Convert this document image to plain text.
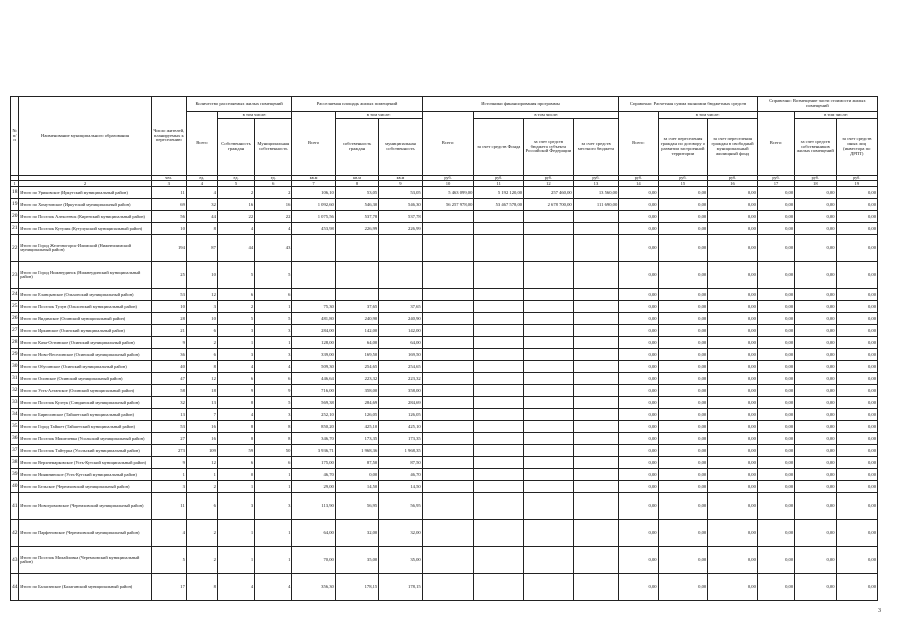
№ п/п	Наименование муниципального образования	Число жителей, планируемых к переселению	Количество расселяемых жилых помещений			Расселяемая площадь жилых помещений			Источники финансирования программы				Справочно: Расчетная сумма экономии бюджетных средств			Справочно: Возмещение части стоимости жилых помещений		
			Всего	в том числе:		Всего	в том числе:		Всего:	в том числе:			Всего:	в том числе:		Всего:	в том числе:	
				Собственность граждан	Муниципальная собственность		собственность граждан	муниципальная собственность		за счет средств Фонда	за счет средств бюджета субъекта Российской Федерации	за счет средств местного бюджета		за счет переселения граждан по договору о развитии застроенной территории	за счет переселения граждан в свободный муниципальный жилищный фонд		за счет средств собственников жилых помещений	за счет средств иных лиц (инвестора по ДРПТ)
		чел.	ед.	ед.	ед.	кв.м	кв.м	кв.м	руб.	руб.	руб.	руб.	руб.	руб.	руб.	руб.	руб.	руб.
1	2	3	4	5	6	7	8	9	10	11	12	13	14	15	16	17	18	19
18	Итого по Уриковское (Иркутский муниципальный район)	11	4	2	2	106,10	53,05	53,05	5 463 099,00	5 192 120,00	257 460,00	13 560,00	0,00	0,00	0,00	0,00	0,00	0,00
19	Итого по Хомутовское (Иркутский муниципальный район)	69	32	16	16	1 092,60	546,30	546,30	56 257 978,00	53 467 578,00	2 678 700,00	111 690,00	0,00	0,00	0,00	0,00	0,00	0,00
20	Итого по Поселок Алексеевск (Киренский муниципальный район)	56	44	22	22	1 075,56	537,78	537,78					0,00	0,00	0,00	0,00	0,00	0,00
21	Итого по Поселок Кутулик (Кутулукский муниципальный район)	10	8	4	4	453,98	226,99	226,99					0,00	0,00	0,00	0,00	0,00	0,00
22	Итого по Город Железногорск-Илимский (Нижнеилимский муниципальный район)	194	87	44	43								0,00	0,00	0,00	0,00	0,00	0,00
23	Итого по Город Нижнеудинск (Нижнеудинский муниципальный район)	25	10	5	5								0,00	0,00	0,00	0,00	0,00	0,00
24	Итого по Еланцынское (Ольхонский муниципальный район)	53	12	6	6								0,00	0,00	0,00	0,00	0,00	0,00
25	Итого по Поселок Тулун (Ольхонский муниципальный район)	10	3	2	1	75,30	37,65	37,65					0,00	0,00	0,00	0,00	0,00	0,00
26	Итого по Видимское (Осинский муниципальный район)	28	10	5	5	481,80	240,90	240,90					0,00	0,00	0,00	0,00	0,00	0,00
27	Итого по Иркинское (Осинский муниципальный район)	21	6	3	3	284,00	142,00	142,00					0,00	0,00	0,00	0,00	0,00	0,00
28	Итого по Кача-Остинское (Осинский муниципальный район)	9	2	1	1	128,00	64,00	64,00					0,00	0,00	0,00	0,00	0,00	0,00
29	Итого по Ново-Веселинское (Осинский муниципальный район)	36	6	3	3	339,00	169,50	169,50					0,00	0,00	0,00	0,00	0,00	0,00
30	Итого по Обусинское (Осинский муниципальный район)	40	8	4	4	509,30	254,65	254,65					0,00	0,00	0,00	0,00	0,00	0,00
31	Итого по Осинское (Осинский муниципальный район)	47	12	6	6	446,64	223,32	223,32					0,00	0,00	0,00	0,00	0,00	0,00
32	Итого по Усть-Алтанское (Осинский муниципальный район)	58	18	9	9	716,00	358,00	358,00					0,00	0,00	0,00	0,00	0,00	0,00
33	Итого по Поселок Култук (Слюдянский муниципальный район)	32	13	8	5	569,38	284,69	284,69					0,00	0,00	0,00	0,00	0,00	0,00
34	Итого по Бирюсинское (Тайшетский муниципальный район)	13	7	4	3	252,10	126,05	126,05					0,00	0,00	0,00	0,00	0,00	0,00
35	Итого по Город Тайшет (Тайшетский муниципальный район)	53	16	8	8	850,20	425,10	425,10					0,00	0,00	0,00	0,00	0,00	0,00
36	Итого по Поселок Мишелевка (Усольский муниципальный район)	27	16	8	8	346,70	173,35	173,35					0,00	0,00	0,00	0,00	0,00	0,00
37	Итого по Поселок Тайтурка (Усольский муниципальный район)	273	109	59	50	3 936,71	1 968,36	1 968,35					0,00	0,00	0,00	0,00	0,00	0,00
38	Итого по Верхнемарковское (Усть-Кутский муниципальный район)	9	12	6	6	175,00	87,50	87,50					0,00	0,00	0,00	0,00	0,00	0,00
39	Итого по Ниямнинское (Усть-Кутский муниципальный район)	1	1	0	1	46,70	0,00	46,70					0,00	0,00	0,00	0,00	0,00	0,00
40	Итого по Бельское (Черемховский муниципальный район)	3	2	1	1	29,00	14,50	14,50					0,00	0,00	0,00	0,00	0,00	0,00
41	Итого по Новогромовское (Черемховский муниципальный район)	11	6	3	3	113,90	56,95	56,95					0,00	0,00	0,00	0,00	0,00	0,00
42	Итого по Парфеновское (Черемховский муниципальный район)	4	2	1	1	64,00	32,00	32,00					0,00	0,00	0,00	0,00	0,00	0,00
43	Итого по Поселок Михайловка (Черемховский муниципальный район)	5	2	1	1	70,00	35,00	35,00					0,00	0,00	0,00	0,00	0,00	0,00
44	Итого по Балаганское (Балаганский муниципальный район)	17	8	4	4	356,30	178,15	178,15					0,00	0,00	0,00	0,00	0,00	0,00
3
